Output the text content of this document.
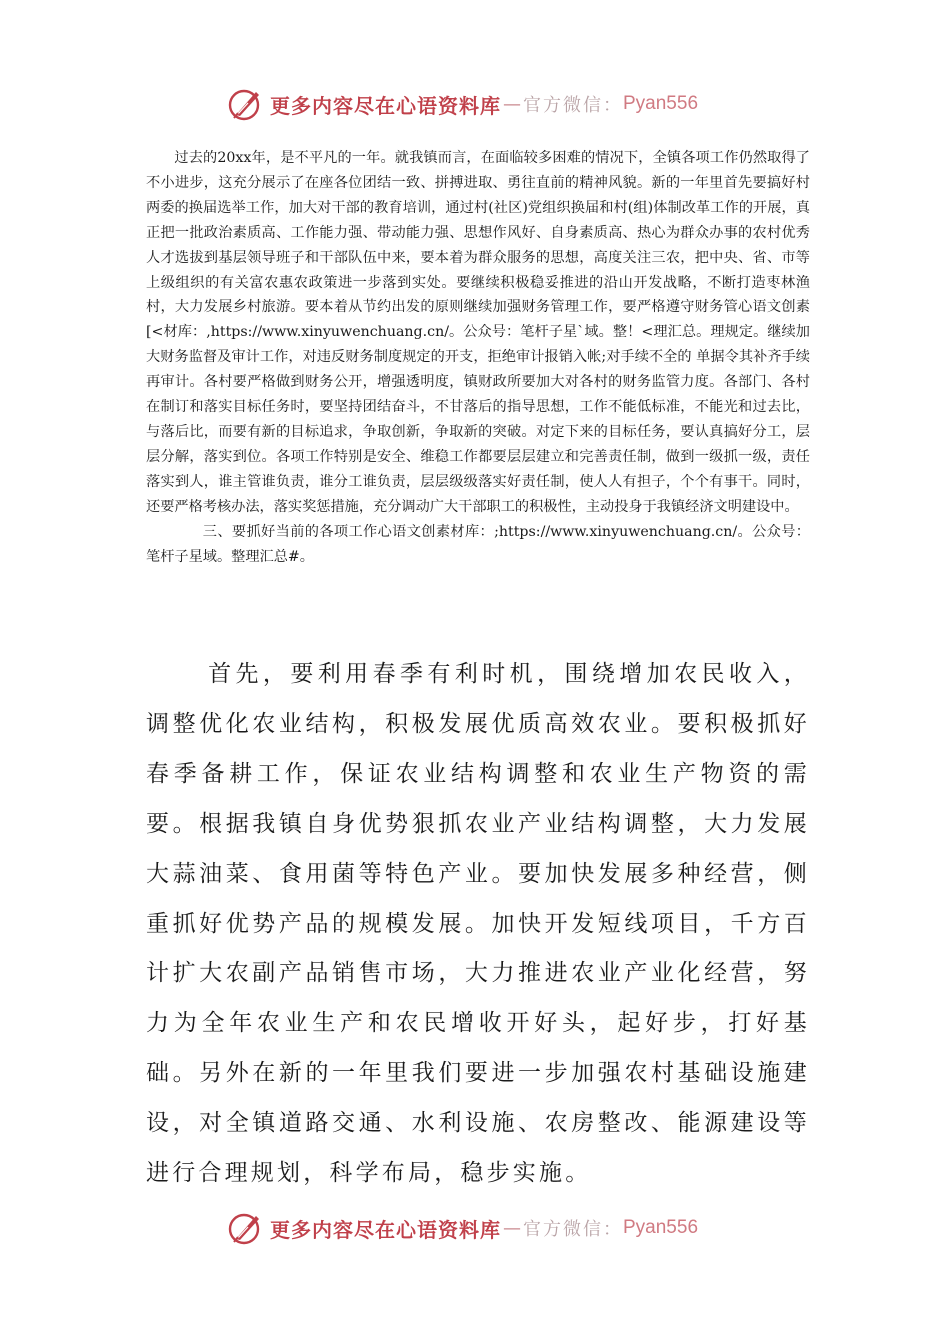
更多内容尽在心语资料库 — 官方微信： Pyan556

过去的20xx年，是不平凡的一年。就我镇而言，在面临较多困难的情况下，全镇各项工作仍然取得了不小进步，这充分展示了在座各位团结一致、拼搏进取、勇往直前的精神风貌。新的一年里首先要搞好村两委的换届选举工作，加大对干部的教育培训，通过村(社区)党组织换届和村(组)体制改革工作的开展，真正把一批政治素质高、工作能力强、带动能力强、思想作风好、自身素质高、热心为群众办事的农村优秀人才选拔到基层领导班子和干部队伍中来，要本着为群众服务的思想，高度关注三农，把中央、省、市等上级组织的有关富农惠农政策进一步落到实处。要继续积极稳妥推进的沿山开发战略，不断打造枣林渔村，大力发展乡村旅游。要本着从节约出发的原则继续加强财务管理工作，要严格遵守财务管心语文创素[<材库：,https://www.xinyuwenchuang.cn/。公众号：笔杆子星`域。整！<理汇总。理规定。继续加大财务监督及审计工作，对违反财务制度规定的开支，拒绝审计报销入帐;对手续不全的 单据令其补齐手续再审计。各村要严格做到财务公开，增强透明度，镇财政所要加大对各村的财务监管力度。各部门、各村在制订和落实目标任务时，要坚持团结奋斗，不甘落后的指导思想，工作不能低标准，不能光和过去比，与落后比，而要有新的目标追求，争取创新，争取新的突破。对定下来的目标任务，要认真搞好分工，层层分解，落实到位。各项工作特别是安全、维稳工作都要层层建立和完善责任制，做到一级抓一级，责任落实到人，谁主管谁负责，谁分工谁负责，层层级级落实好责任制，使人人有担子，个个有事干。同时，还要严格考核办法，落实奖惩措施，充分调动广大干部职工的积极性，主动投身于我镇经济文明建设中。

三、要抓好当前的各项工作心语文创素材库：;https://www.xinyuwenchuang.cn/。公众号：笔杆子星域。整理汇总#。

首先，要利用春季有利时机，围绕增加农民收入，调整优化农业结构，积极发展优质高效农业。要积极抓好春季备耕工作，保证农业结构调整和农业生产物资的需要。根据我镇自身优势狠抓农业产业结构调整，大力发展大蒜油菜、食用菌等特色产业。要加快发展多种经营，侧重抓好优势产品的规模发展。加快开发短线项目，千方百计扩大农副产品销售市场，大力推进农业产业化经营，努力为全年农业生产和农民增收开好头，起好步，打好基础。另外在新的一年里我们要进一步加强农村基础设施建设，对全镇道路交通、水利设施、农房整改、能源建设等进行合理规划，科学布局，稳步实施。

更多内容尽在心语资料库 — 官方微信： Pyan556
